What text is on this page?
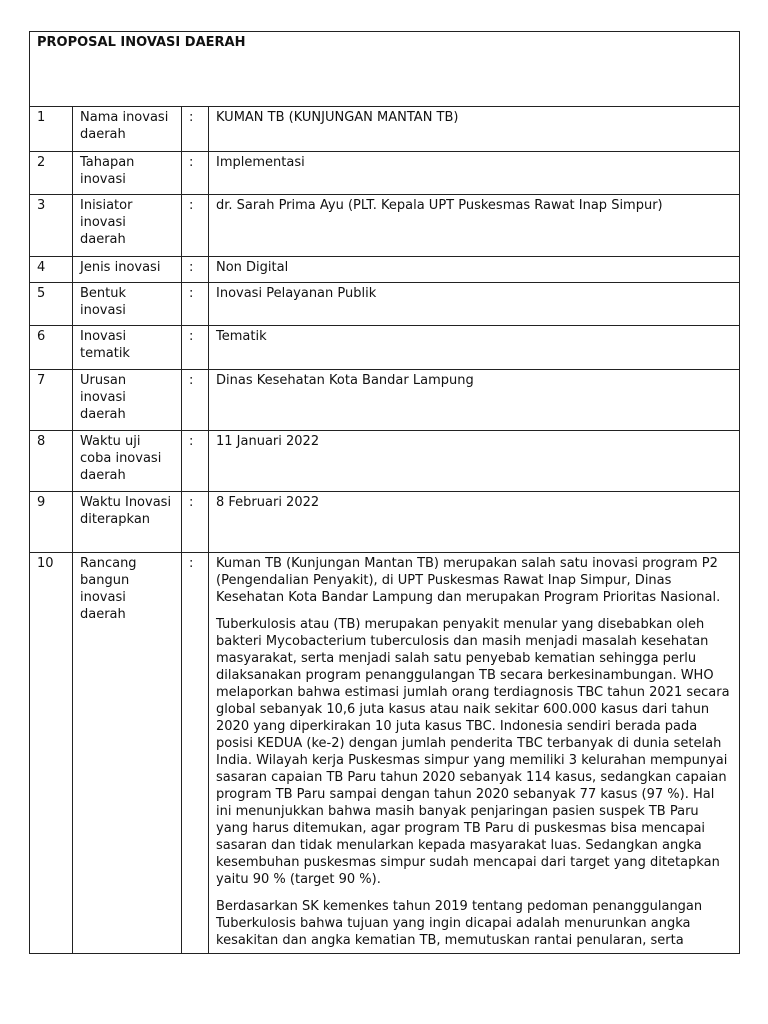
PROPOSAL INOVASI DAERAH			
1	Nama inovasi daerah	:	KUMAN TB (KUNJUNGAN MANTAN TB)
2	Tahapan inovasi	:	Implementasi
3	Inisiator inovasi daerah	:	dr. Sarah Prima Ayu (PLT. Kepala UPT Puskesmas Rawat Inap Simpur)
4	Jenis inovasi	:	Non Digital
5	Bentuk inovasi	:	Inovasi Pelayanan Publik
6	Inovasi tematik	:	Tematik
7	Urusan inovasi daerah	:	Dinas Kesehatan Kota Bandar Lampung
8	Waktu uji coba inovasi daerah	:	11 Januari 2022
9	Waktu Inovasi diterapkan	:	8 Februari 2022
10	Rancang bangun inovasi daerah	:	Kuman TB (Kunjungan Mantan TB) merupakan salah satu inovasi program P2 (Pengendalian Penyakit), di UPT Puskesmas Rawat Inap Simpur, Dinas Kesehatan Kota Bandar Lampung dan merupakan Program Prioritas Nasional.

Tuberkulosis atau (TB) merupakan penyakit menular yang disebabkan oleh bakteri Mycobacterium tuberculosis dan masih menjadi masalah kesehatan masyarakat, serta menjadi salah satu penyebab kematian sehingga perlu dilaksanakan program penanggulangan TB secara berkesinambungan. WHO melaporkan bahwa estimasi jumlah orang terdiagnosis TBC tahun 2021 secara global sebanyak 10,6 juta kasus atau naik sekitar 600.000 kasus dari tahun 2020 yang diperkirakan 10 juta kasus TBC. Indonesia sendiri berada pada posisi KEDUA (ke-2) dengan jumlah penderita TBC terbanyak di dunia setelah India. Wilayah kerja Puskesmas simpur yang memiliki 3 kelurahan mempunyai sasaran capaian TB Paru tahun 2020 sebanyak 114 kasus, sedangkan capaian program TB Paru sampai dengan tahun 2020 sebanyak 77 kasus (97 %). Hal ini menunjukkan bahwa masih banyak penjaringan pasien suspek TB Paru yang harus ditemukan, agar program TB Paru di puskesmas bisa mencapai sasaran dan tidak menularkan kepada masyarakat luas. Sedangkan angka kesembuhan puskesmas simpur sudah mencapai dari target yang ditetapkan yaitu 90 % (target 90 %).

Berdasarkan SK kemenkes tahun 2019 tentang pedoman penanggulangan Tuberkulosis bahwa tujuan yang ingin dicapai adalah menurunkan angka kesakitan dan angka kematian TB, memutuskan rantai penularan, serta
